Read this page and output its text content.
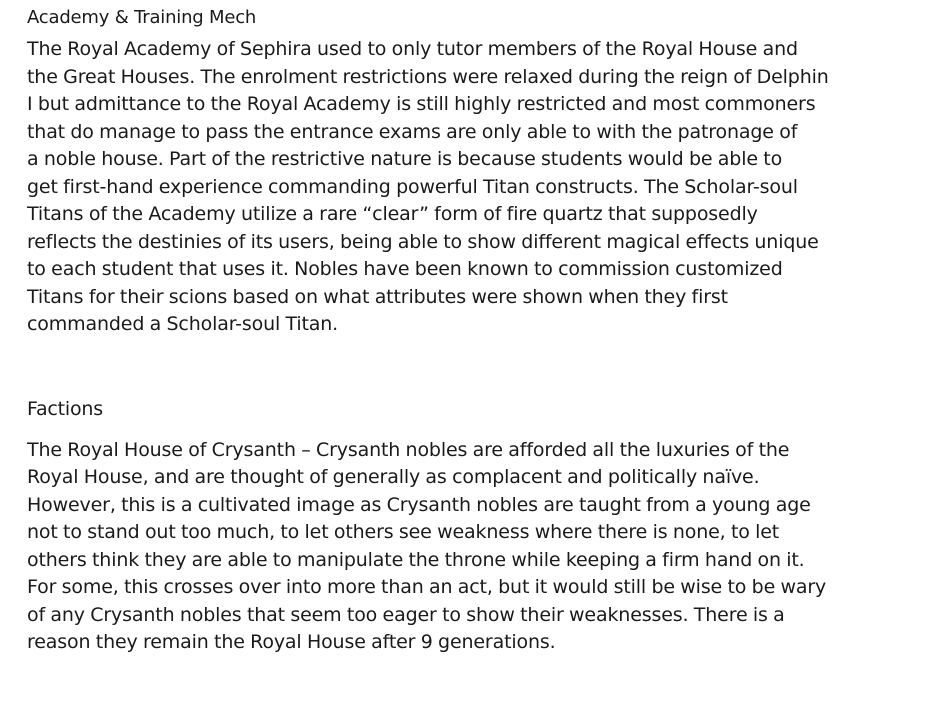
Academy & Training Mech

The Royal Academy of Sephira used to only tutor members of the Royal House and
the Great Houses. The enrolment restrictions were relaxed during the reign of Delphin
I but admittance to the Royal Academy is still highly restricted and most commoners
that do manage to pass the entrance exams are only able to with the patronage of
a noble house. Part of the restrictive nature is because students would be able to
get first-hand experience commanding powerful Titan constructs. The Scholar-soul
Titans of the Academy utilize a rare “clear” form of fire quartz that supposedly
reflects the destinies of its users, being able to show different magical effects unique
to each student that uses it. Nobles have been known to commission customized
Titans for their scions based on what attributes were shown when they first
commanded a Scholar-soul Titan.

Factions

The Royal House of Crysanth – Crysanth nobles are afforded all the luxuries of the
Royal House, and are thought of generally as complacent and politically naïve.
However, this is a cultivated image as Crysanth nobles are taught from a young age
not to stand out too much, to let others see weakness where there is none, to let
others think they are able to manipulate the throne while keeping a firm hand on it.
For some, this crosses over into more than an act, but it would still be wise to be wary
of any Crysanth nobles that seem too eager to show their weaknesses. There is a
reason they remain the Royal House after 9 generations.
